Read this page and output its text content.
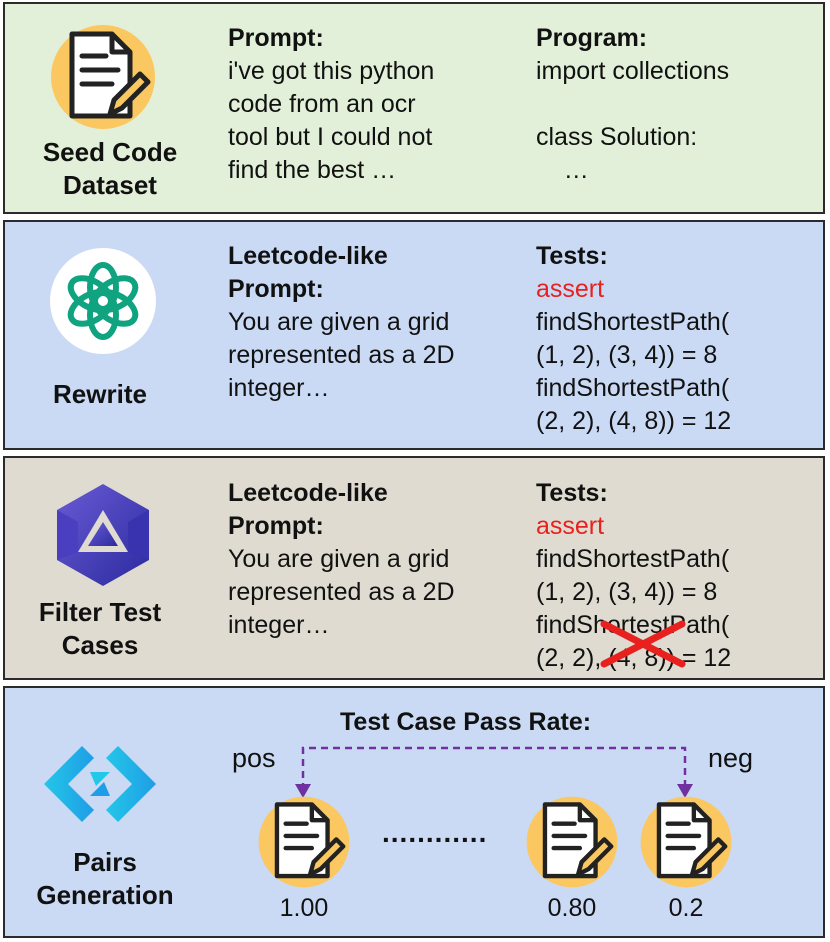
Seed Code
Dataset
Prompt:
i've got this python
code from an ocr
tool but I could not
find the best …
Program:
import collections
class Solution:
…
Rewrite
Leetcode-like
Prompt:
You are given a grid
represented as a 2D
integer…
Tests:
assert
findShortestPath(
(1, 2), (3, 4)) = 8
findShortestPath(
(2, 2), (4, 8)) = 12
Filter Test
Cases
Leetcode-like
Prompt:
You are given a grid
represented as a 2D
integer…
Tests:
assert
findShortestPath(
(1, 2), (3, 4)) = 8
findShortestPath(
(2, 2), (4, 8)) = 12
Pairs
Generation
Test Case Pass Rate:
pos	neg
............
1.00	0.80	0.2
